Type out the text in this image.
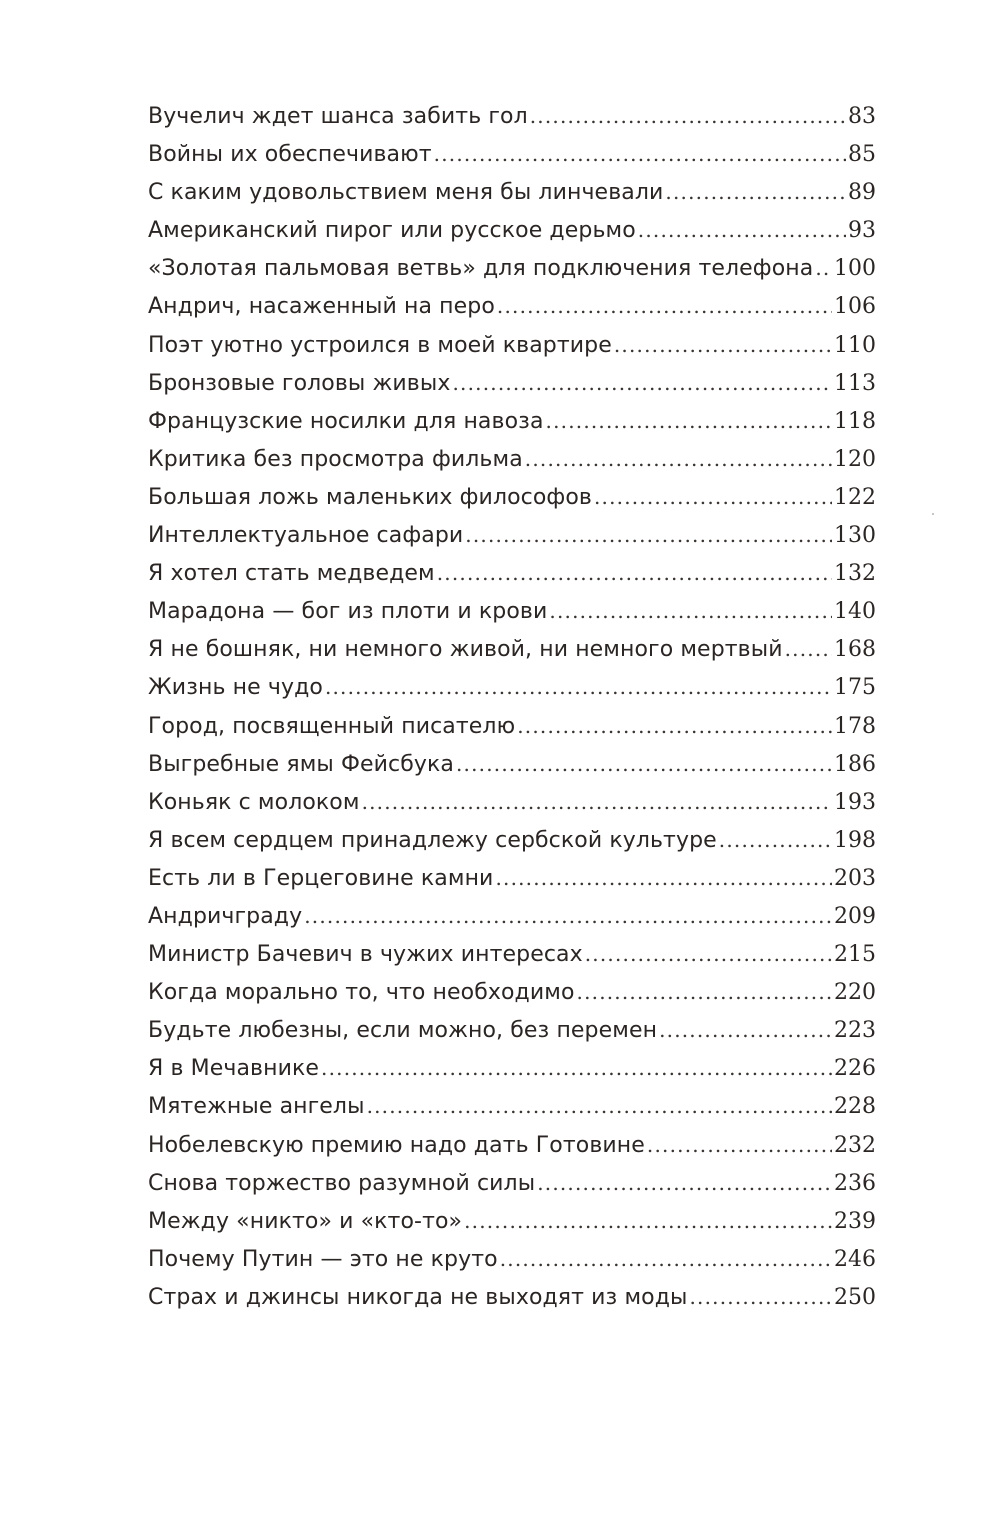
Вучелич ждет шанса забить гол .....	83
Войны их обеспечивают .....	85
С каким удовольствием меня бы линчевали .....	89
Американский пирог или русское дерьмо .....	93
«Золотая пальмовая ветвь» для подключения телефона ..... 100
Андрич, насаженный на перо .....	106
Поэт уютно устроился в моей квартире .....	110
Бронзовые головы живых .....	113
Французские носилки для навоза .....	118
Критика без просмотра фильма .....	120
Большая ложь маленьких философов .....	122
Интеллектуальное сафари .....	130
Я хотел стать медведем .....	132
Марадона — бог из плоти и крови .....	140
Я не бошняк, ни немного живой, ни немного мертвый ..... 168
Жизнь не чудо .....	175
Город, посвященный писателю .....	178
Выгребные ямы Фейсбука .....	186
Коньяк с молоком .....	193
Я всем сердцем принадлежу сербской культуре .....	198
Есть ли в Герцеговине камни .....	203
Андричграду .....	209
Министр Бачевич в чужих интересах .....	215
Когда морально то, что необходимо .....	220
Будьте любезны, если можно, без перемен .....	223
Я в Мечавнике .....	226
Мятежные ангелы .....	228
Нобелевскую премию надо дать Готовине .....	232
Снова торжество разумной силы .....	236
Между «никто» и «кто-то» .....	239
Почему Путин — это не круто .....	246
Страх и джинсы никогда не выходят из моды .....	250
